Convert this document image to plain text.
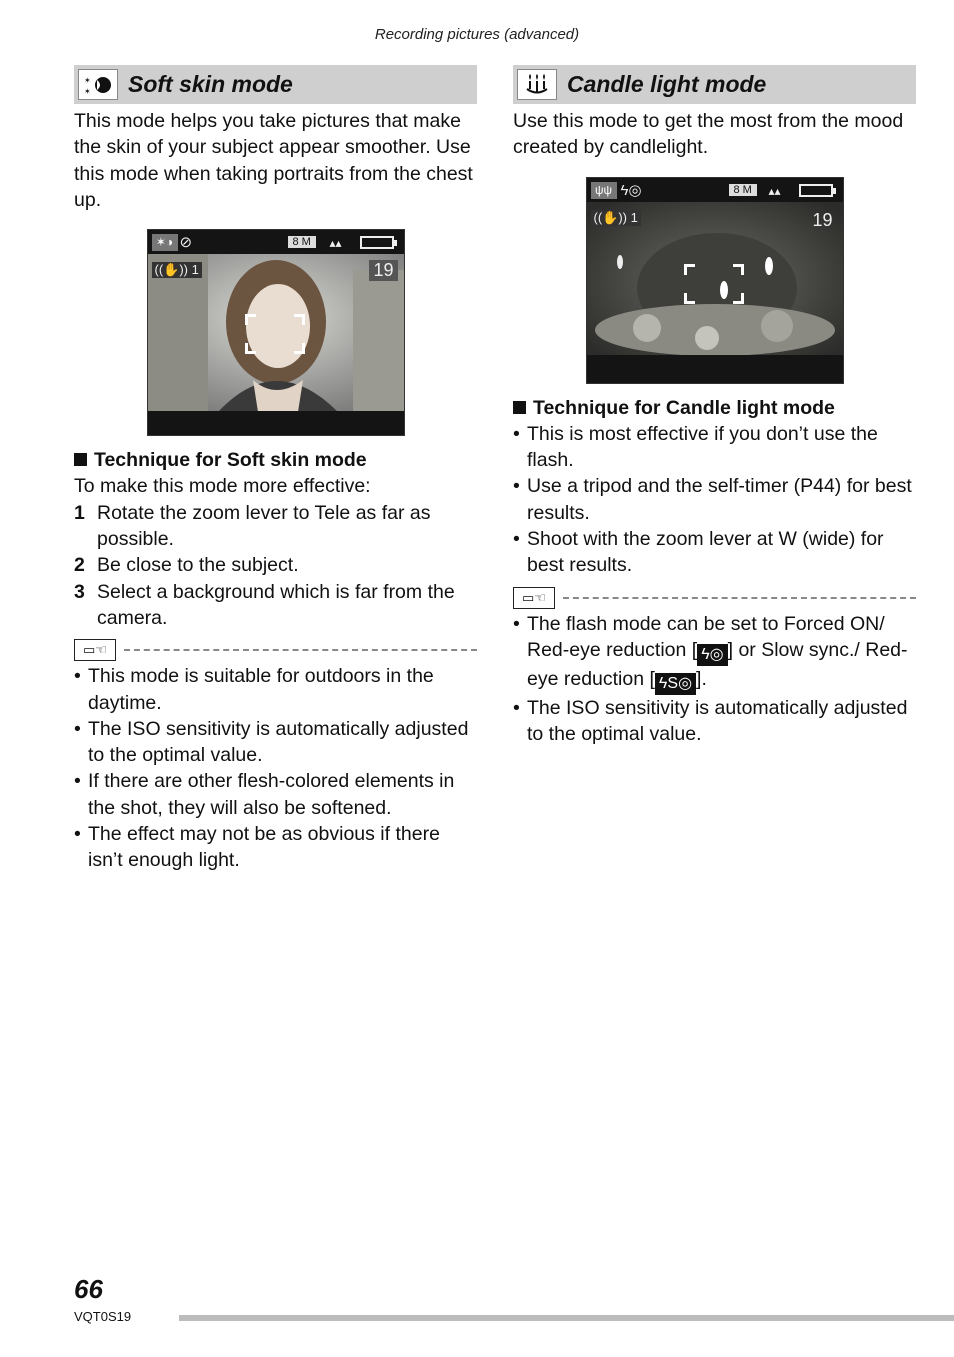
Recording pictures (advanced)
✶
✶ Soft skin mode

This mode helps you take pictures that make the skin of your subject appear smoother. Use this mode when taking portraits from the chest up.

✶◑ ⊘	8 M	▴▴
((✋)) 1	19
Technique for Soft skin mode

To make this mode more effective:

1 Rotate the zoom lever to Tele as far as possible.
2 Be close to the subject.
3 Select a background which is far from the camera.
▭☜
• This mode is suitable for outdoors in the daytime.
• The ISO sensitivity is automatically adjusted to the optimal value.
• If there are other flesh-colored elements in the shot, they will also be softened.
• The effect may not be as obvious if there isn’t enough light.
Candle light mode

Use this mode to get the most from the mood created by candlelight.

ψψ ϟ◎	8 M	▴▴
((✋)) 1	19
Technique for Candle light mode
• This is most effective if you don’t use the flash.
• Use a tripod and the self-timer (P44) for best results.
• Shoot with the zoom lever at W (wide) for best results.
▭☜
• The flash mode can be set to Forced ON/ Red-eye reduction [ ϟ◎ ] or Slow sync./ Red-eye reduction [ ϟS◎ ].
• The ISO sensitivity is automatically adjusted to the optimal value.
66
VQT0S19
